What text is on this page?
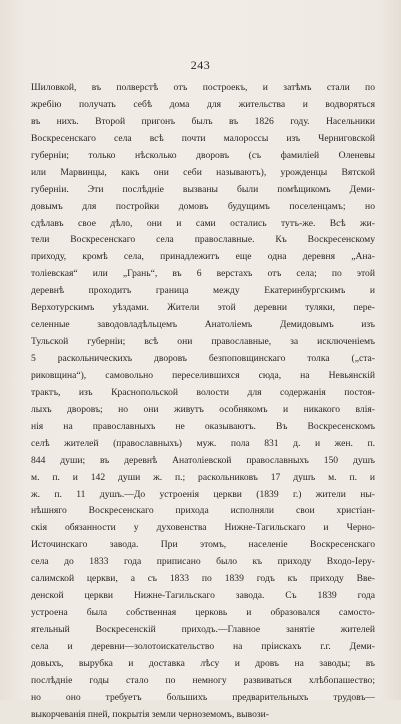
243
Шиловкой, въ полверстѣ отъ построекъ, и затѣмъ стали по
жребію получать себѣ дома для жительства и водворяться
въ нихъ. Второй пригонъ былъ въ 1826 году. Насельники
Воскресенскаго села всѣ почти малороссы изъ Черниговской
губерніи; только нѣсколько дворовъ (съ фамиліей Оленевы
или Марвинцы, какъ они себи называютъ), урожденцы Вятской
губерніи. Эти послѣдніе вызваны были помѣщикомъ Деми-
довымъ для постройки домовъ будущимъ поселенцамъ; но
сдѣлавъ свое дѣло, они и сами остались тутъ-же. Всѣ жи-
тели Воскресенскаго села православные. Къ Воскресенскому
приходу, кромѣ села, принадлежитъ еще одна деревня „Ана-
толіевская“ или „Грань“, въ 6 верстахъ отъ села; по этой
деревнѣ проходитъ граница между Екатеринбургскимъ и
Верхотурскимъ уѣздами. Жители этой деревни туляки, пере-
селенные заводовладѣльцемъ Анатоліемъ Демидовымъ изъ
Тульской губерніи; всѣ они православные, за исключеніемъ
5 раскольническихъ дворовъ безпоповщинскаго толка („ста-
риковщина“), самовольно переселившихся сюда, на Невьянскій
трактъ, изъ Краснопольской волости для содержанія постоя-
лыхъ дворовъ; но они живутъ особнякомъ и никакого влія-
нія на православныхъ не оказываютъ. Въ Воскресенскомъ
селѣ жителей (православныхъ) муж. пола 831 д. и жен. п.
844 души; въ деревнѣ Анатоліевской православныхъ 150 душъ
м. п. и 142 души ж. п.; раскольниковъ 17 душъ м. п. и
ж. п. 11 душъ.—До устроенія церкви (1839 г.) жители ны-
нѣшняго Воскресенскаго прихода исполняли свои христіан-
скія обязанности у духовенства Нижне-Тагильскаго и Черно-
Источинскаго завода. При этомъ, населеніе Воскресенскаго
села до 1833 года приписано было къ приходу Входо-Іеру-
салимской церкви, а съ 1833 по 1839 годъ къ приходу Вве-
денской церкви Нижне-Тагильскаго завода. Съ 1839 года
устроена была собственная церковь и образовался самосто-
ятельный Воскресенскій приходъ.—Главное занятіе жителей
села и деревни—золотоискательство на пріискахъ г.г. Деми-
довыхъ, вырубка и доставка лѣсу и дровъ на заводы; въ
послѣдніе годы стало по немногу развиваться хлѣбопашество;
но оно требуетъ большихъ предварительныхъ трудовъ—
выкорчеванія пней, покрытія земли черноземомъ, вывози-
